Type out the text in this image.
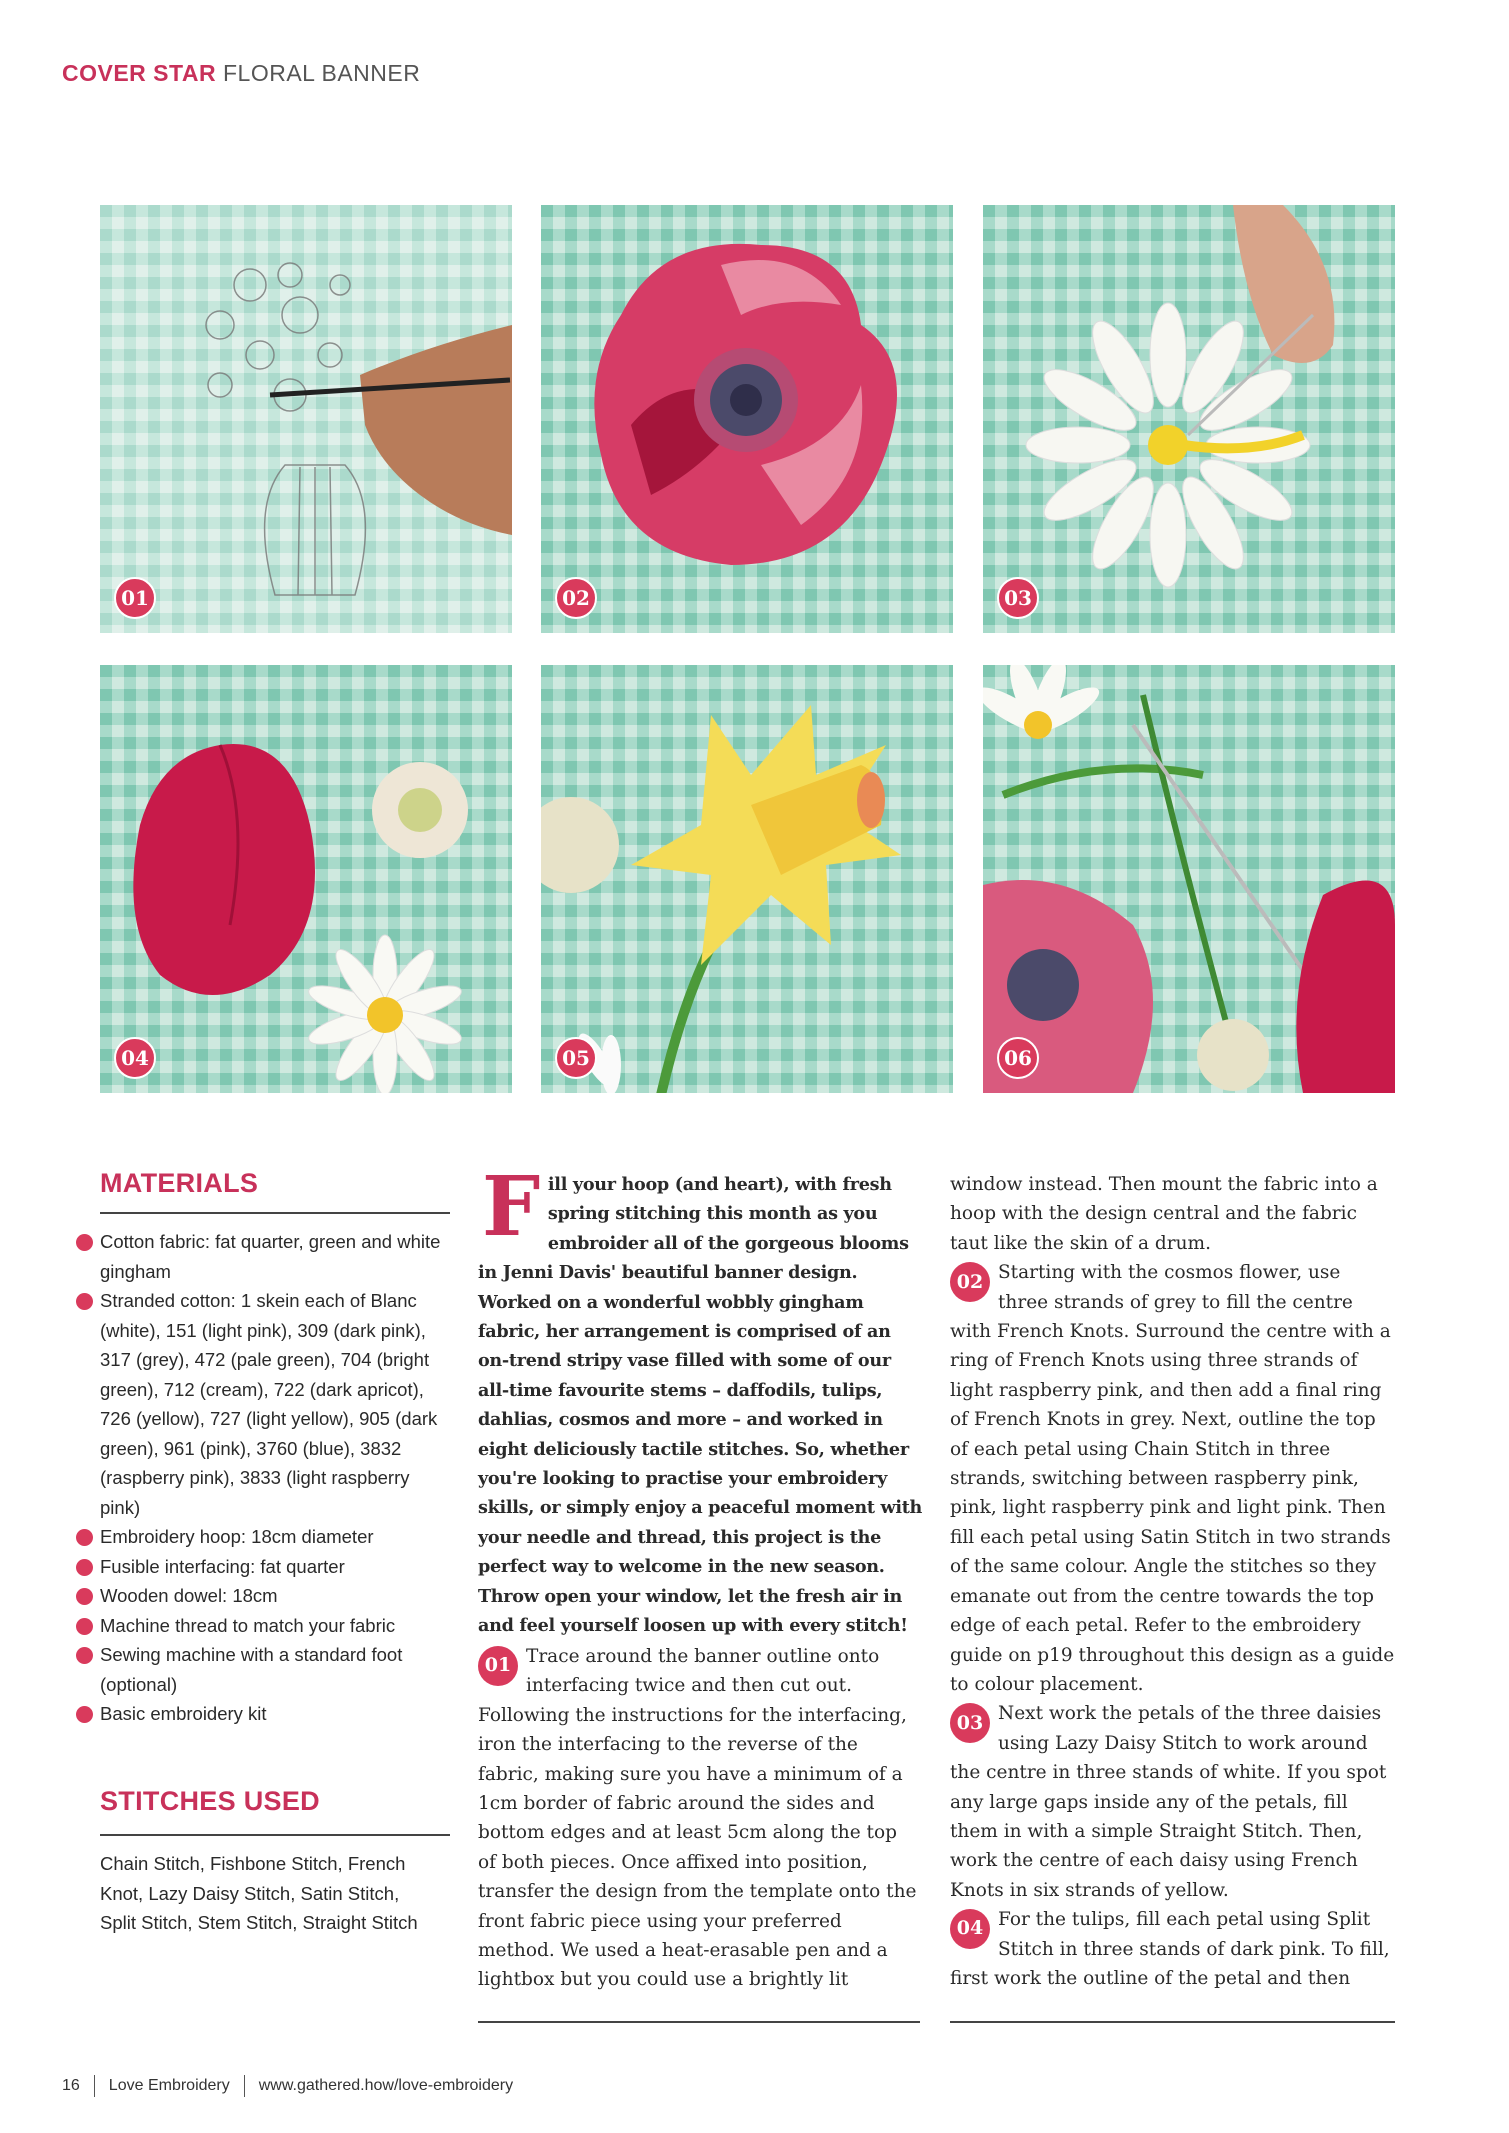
COVER STAR FLORAL BANNER
01	02	03
04	05	06
MATERIALS
Cotton fabric: fat quarter, green and white gingham
Stranded cotton: 1 skein each of Blanc (white), 151 (light pink), 309 (dark pink), 317 (grey), 472 (pale green), 704 (bright green), 712 (cream), 722 (dark apricot), 726 (yellow), 727 (light yellow), 905 (dark green), 961 (pink), 3760 (blue), 3832 (raspberry pink), 3833 (light raspberry pink)
Embroidery hoop: 18cm diameter
Fusible interfacing: fat quarter
Wooden dowel: 18cm
Machine thread to match your fabric
Sewing machine with a standard foot (optional)
Basic embroidery kit
STITCHES USED
Chain Stitch, Fishbone Stitch, French Knot, Lazy Daisy Stitch, Satin Stitch, Split Stitch, Stem Stitch, Straight Stitch
Fill your hoop (and heart), with fresh spring stitching this month as you embroider all of the gorgeous blooms in Jenni Davis' beautiful banner design. Worked on a wonderful wobbly gingham fabric, her arrangement is comprised of an on-trend stripy vase filled with some of our all-time favourite stems – daffodils, tulips, dahlias, cosmos and more – and worked in eight deliciously tactile stitches. So, whether you're looking to practise your embroidery skills, or simply enjoy a peaceful moment with your needle and thread, this project is the perfect way to welcome in the new season. Throw open your window, let the fresh air in and feel yourself loosen up with every stitch!
01 Trace around the banner outline onto interfacing twice and then cut out. Following the instructions for the interfacing, iron the interfacing to the reverse of the fabric, making sure you have a minimum of a 1cm border of fabric around the sides and bottom edges and at least 5cm along the top of both pieces. Once affixed into position, transfer the design from the template onto the front fabric piece using your preferred method. We used a heat-erasable pen and a lightbox but you could use a brightly lit
window instead. Then mount the fabric into a hoop with the design central and the fabric taut like the skin of a drum.
02 Starting with the cosmos flower, use three strands of grey to fill the centre with French Knots. Surround the centre with a ring of French Knots using three strands of light raspberry pink, and then add a final ring of French Knots in grey. Next, outline the top of each petal using Chain Stitch in three strands, switching between raspberry pink, pink, light raspberry pink and light pink. Then fill each petal using Satin Stitch in two strands of the same colour. Angle the stitches so they emanate out from the centre towards the top edge of each petal. Refer to the embroidery guide on p19 throughout this design as a guide to colour placement.
03 Next work the petals of the three daisies using Lazy Daisy Stitch to work around the centre in three stands of white. If you spot any large gaps inside any of the petals, fill them in with a simple Straight Stitch. Then, work the centre of each daisy using French Knots in six strands of yellow.
04 For the tulips, fill each petal using Split Stitch in three stands of dark pink. To fill, first work the outline of the petal and then
16 Love Embroidery www.gathered.how/love-embroidery
